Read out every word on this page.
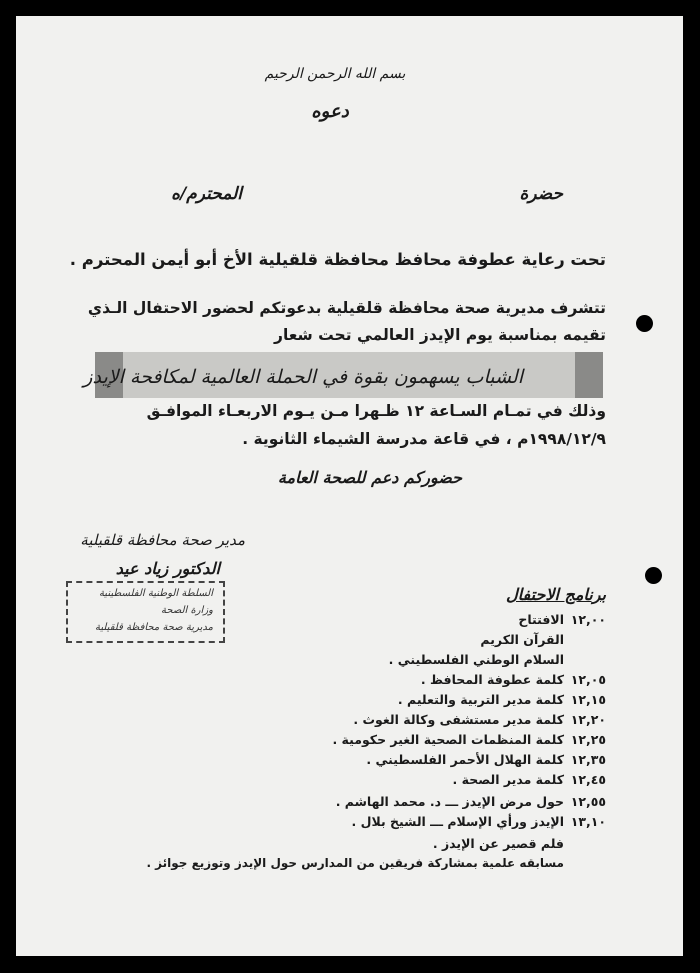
بسم الله الرحمن الرحيم
دعوه
حضرة
المحترم/ه
تحت رعاية عطوفة محافظ محافظة قلقيلية الأخ أبو أيمن المحترم .
تتشرف مديرية صحة محافظة قلقيلية بدعوتكم لحضور الاحتفال الـذي
تقيمه بمناسبة يوم الإيدز العالمي تحت شعار
الشباب يسهمون بقوة في الحملة العالمية لمكافحة الإيدز
وذلك في تمـام السـاعة ١٢ ظـهرا مـن يـوم الاربعـاء الموافـق
١٩٩٨/١٢/٩م ، في قاعة مدرسة الشيماء الثانوية .
حضوركم دعم للصحة العامة
مدير صحة محافظة قلقيلية
الدكتور زياد عيد
السلطة الوطنية الفلسطينية
وزارة الصحة
مديرية صحة محافظة قلقيلية
برنامج الاحتفال
١٢,٠٠الافتتاح
القرآن الكريم
السلام الوطني الفلسطيني .
١٢,٠٥كلمة عطوفة المحافظ .
١٢,١٥كلمة مدير التربية والتعليم .
١٢,٢٠كلمة مدير مستشفى وكالة الغوث .
١٢,٢٥كلمة المنظمات الصحية الغير حكومية .
١٢,٣٥كلمة الهلال الأحمر الفلسطيني .
١٢,٤٥كلمة مدير الصحة .
١٢,٥٥حول مرض الإيدز ـــ د. محمد الهاشم .
١٣,١٠الإيدز ورأي الإسلام ـــ الشيخ بلال .
فلم قصير عن الإيدز .
مسابقه علمية بمشاركة فريقين من المدارس حول الإيدز وتوزيع جوائز .
